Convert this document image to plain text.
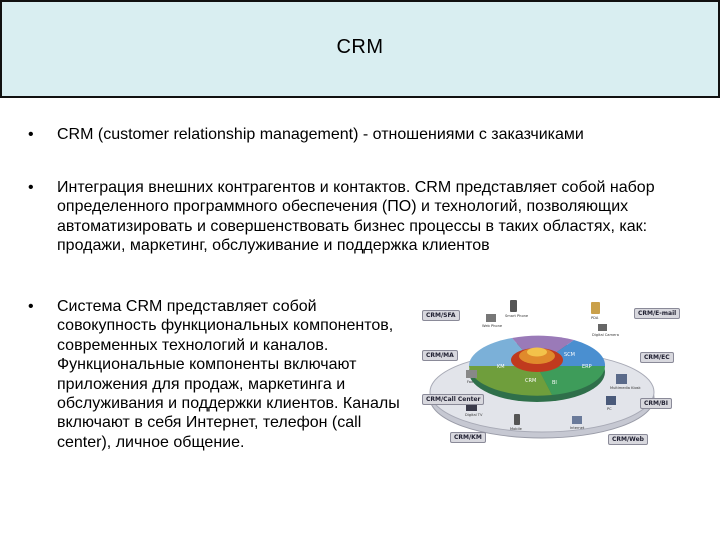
CRM
• CRM (customer relationship management) - отношениями с заказчиками
• Интеграция внешних контрагентов и контактов. CRM представляет собой набор определенного программного обеспечения (ПО) и технологий, позволяющих автоматизировать и совершенствовать бизнес процессы в таких областях, как: продажи, маркетинг, обслуживание и поддержка клиентов
• Система CRM представляет собой совокупность функциональных компонентов, современных технологий и каналов. Функциональные компоненты включают приложения для продаж, маркетинга и обслуживания и поддержки клиентов. Каналы включают в себя Интернет, телефон (call center), личное общение.
SCM
ERP
CRM
KM
BI
Smart Phone
Web Phone
PDA
Digital Camera
Fax
Multimedia Kiosk
PC
Digital TV
Mobile	Internet
CRM/SFA
CRM/MA
CRM/Call Center
CRM/KM
CRM/E-mail
CRM/EC
CRM/BI
CRM/Web
